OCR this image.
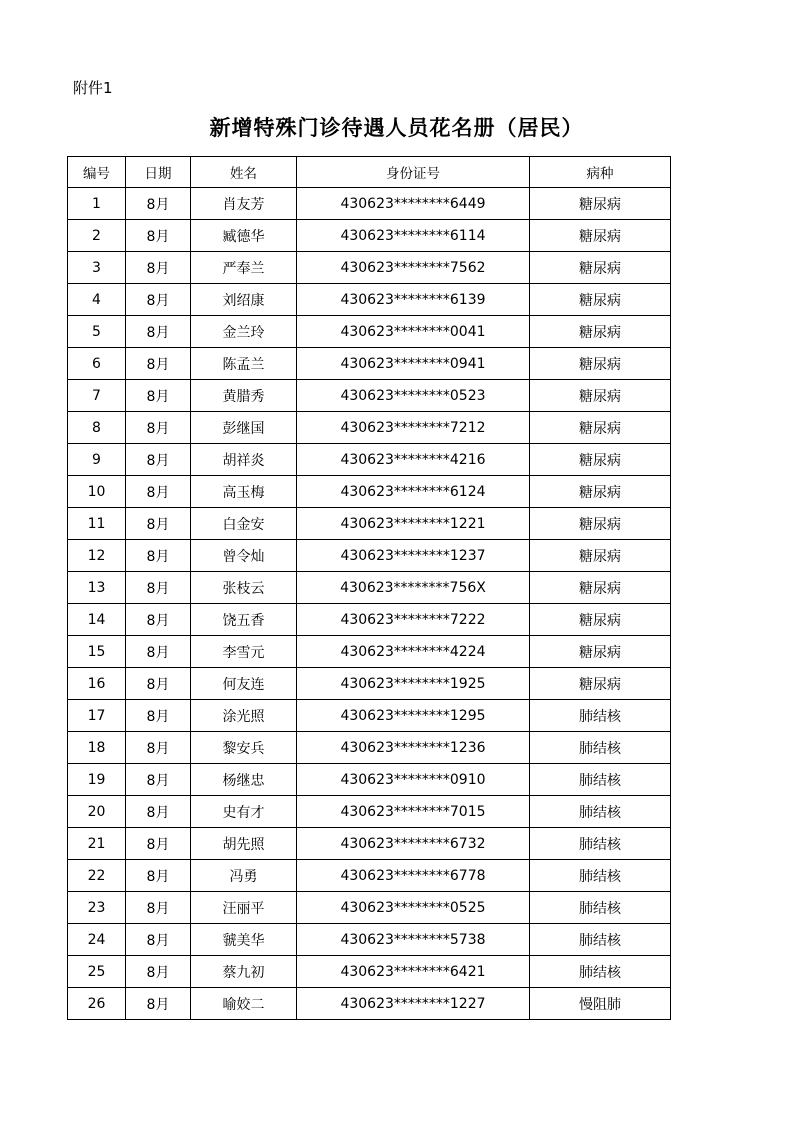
附件1
新增特殊门诊待遇人员花名册（居民）
编号	日期	姓名	身份证号	病种
1	8月	肖友芳	430623********6449	糖尿病
2	8月	臧德华	430623********6114	糖尿病
3	8月	严奉兰	430623********7562	糖尿病
4	8月	刘绍康	430623********6139	糖尿病
5	8月	金兰玲	430623********0041	糖尿病
6	8月	陈孟兰	430623********0941	糖尿病
7	8月	黄腊秀	430623********0523	糖尿病
8	8月	彭继国	430623********7212	糖尿病
9	8月	胡祥炎	430623********4216	糖尿病
10	8月	高玉梅	430623********6124	糖尿病
11	8月	白金安	430623********1221	糖尿病
12	8月	曾令灿	430623********1237	糖尿病
13	8月	张枝云	430623********756X	糖尿病
14	8月	饶五香	430623********7222	糖尿病
15	8月	李雪元	430623********4224	糖尿病
16	8月	何友连	430623********1925	糖尿病
17	8月	涂光照	430623********1295	肺结核
18	8月	黎安兵	430623********1236	肺结核
19	8月	杨继忠	430623********0910	肺结核
20	8月	史有才	430623********7015	肺结核
21	8月	胡先照	430623********6732	肺结核
22	8月	冯勇	430623********6778	肺结核
23	8月	汪丽平	430623********0525	肺结核
24	8月	虢美华	430623********5738	肺结核
25	8月	蔡九初	430623********6421	肺结核
26	8月	喻姣二	430623********1227	慢阻肺
